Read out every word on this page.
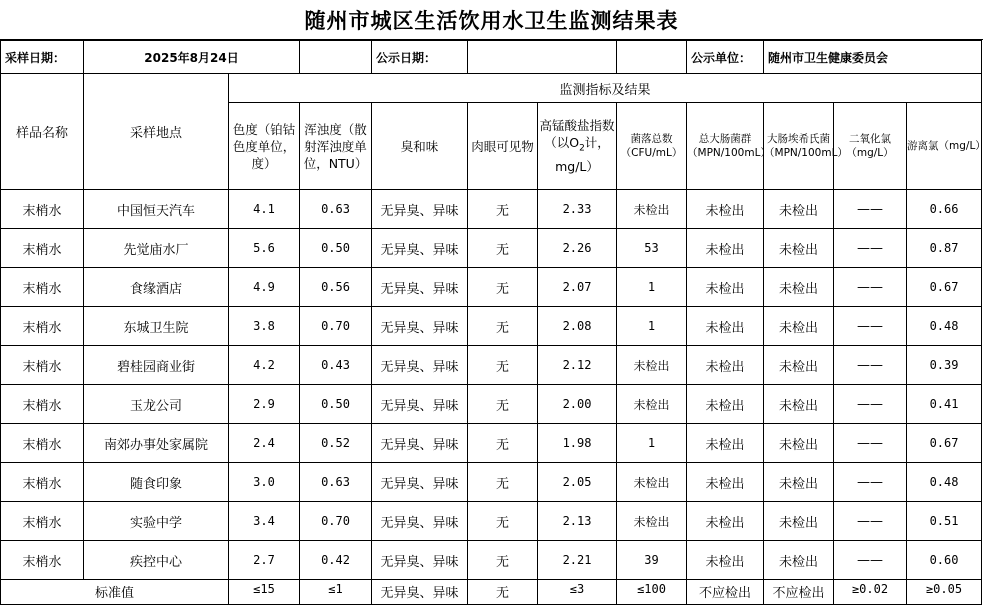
随州市城区生活饮用水卫生监测结果表
采样日期：	2025年8月24日			公示日期：				公示单位：	随州市卫生健康委员会		
样品名称	采样地点	监测指标及结果									
		色度（铂钴色度单位，度）	浑浊度（散射浑浊度单位，NTU）	臭和味	肉眼可见物	高锰酸盐指数（以$O_2$计，mg/L）	菌落总数（CFU/mL）	总大肠菌群（MPN/100mL）	大肠埃希氏菌（MPN/100mL）	二氧化氯（mg/L）	游离氯（mg/L）
末梢水	中国恒天汽车	4.1	0.63	无异臭、异味	无	2.33	未检出	未检出	未检出	——	0.66
末梢水	先觉庙水厂	5.6	0.50	无异臭、异味	无	2.26	53	未检出	未检出	——	0.87
末梢水	食缘酒店	4.9	0.56	无异臭、异味	无	2.07	1	未检出	未检出	——	0.67
末梢水	东城卫生院	3.8	0.70	无异臭、异味	无	2.08	1	未检出	未检出	——	0.48
末梢水	碧桂园商业街	4.2	0.43	无异臭、异味	无	2.12	未检出	未检出	未检出	——	0.39
末梢水	玉龙公司	2.9	0.50	无异臭、异味	无	2.00	未检出	未检出	未检出	——	0.41
末梢水	南郊办事处家属院	2.4	0.52	无异臭、异味	无	1.98	1	未检出	未检出	——	0.67
末梢水	随食印象	3.0	0.63	无异臭、异味	无	2.05	未检出	未检出	未检出	——	0.48
末梢水	实验中学	3.4	0.70	无异臭、异味	无	2.13	未检出	未检出	未检出	——	0.51
末梢水	疾控中心	2.7	0.42	无异臭、异味	无	2.21	39	未检出	未检出	——	0.60
标准值		≤15	≤1	无异臭、异味	无	≤3	≤100	不应检出	不应检出	≥0.02	≥0.05
